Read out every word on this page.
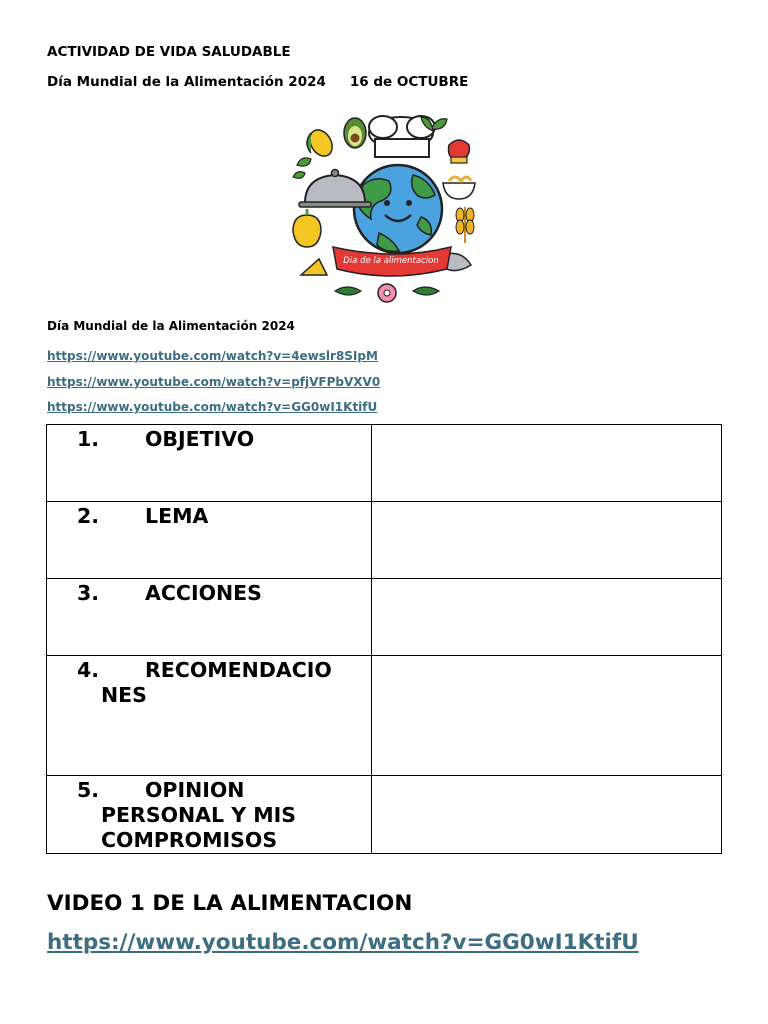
ACTIVIDAD DE VIDA SALUDABLE
Día Mundial de la Alimentación 2024 16 de OCTUBRE
Dia de la alimentacion
Día Mundial de la Alimentación 2024
https://www.youtube.com/watch?v=4ewslr8SIpM
https://www.youtube.com/watch?v=pfjVFPbVXV0
https://www.youtube.com/watch?v=GG0wI1KtifU
1. OBJETIVO	

2. LEMA	

3. ACCIONES	

4. RECOMENDACIO
NES	

5. OPINION
PERSONAL Y MIS
COMPROMISOS	

VIDEO 1 DE LA ALIMENTACION
https://www.youtube.com/watch?v=GG0wI1KtifU
